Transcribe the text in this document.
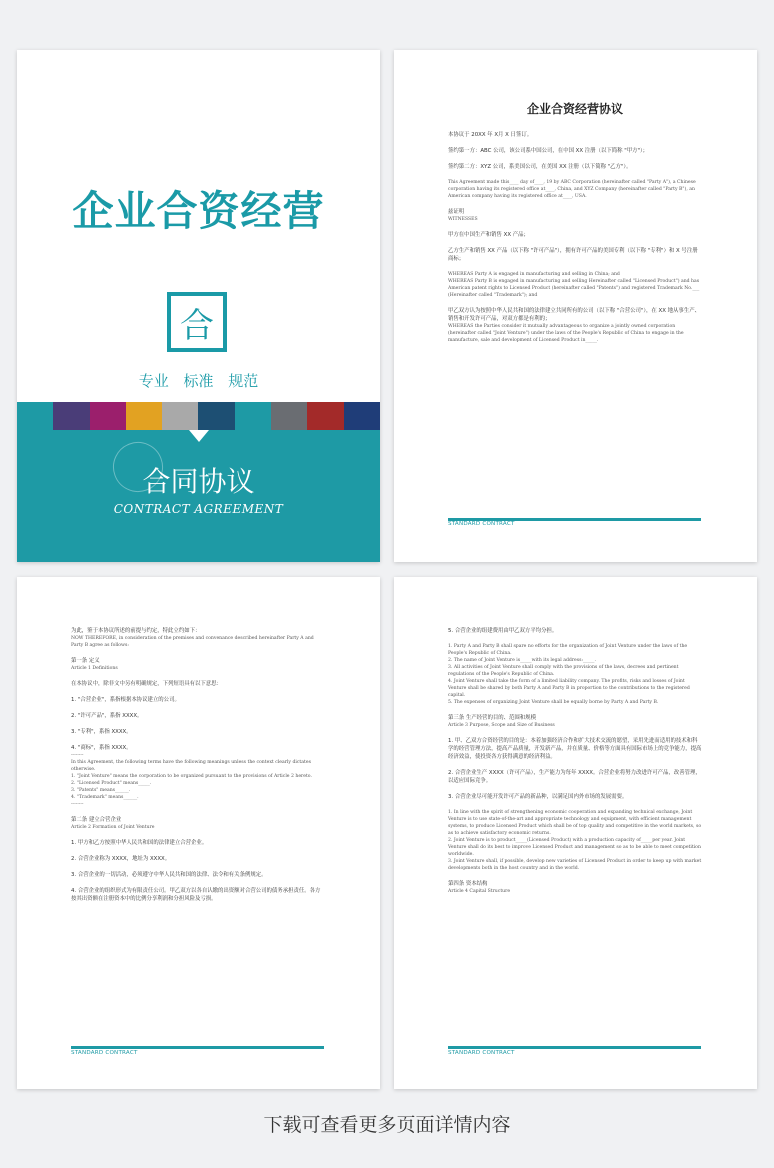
企业合资经营
合
专业 标准 规范
合同协议
CONTRACT AGREEMENT
企业合资经营协议

本协议于 20XX 年 X月 X 日签订。

签约第一方：ABC 公司，该公司系中国公司，在中国 XX 注册（以下简称 "甲方"）；

签约第二方：XYZ 公司，系美国公司，在美国 XX 注册（以下简称 "乙方"）。

This Agreement made this____ day of____, 19 by ABC Corporation (hereinafter called "Party A"), a Chinese corporation having its registered office at____, China, and XYZ Company (hereinafter called "Party B"), an American company having its registered office at____, USA.

兹证明

WITNESSES

甲方在中国生产和销售 XX 产品；

乙方生产和销售 XX 产品（以下称 "许可产品"），拥有许可产品的美国专利（以下称 "专利"）和 X 号注册商标；

WHEREAS Party A is engaged in manufacturing and selling in China; and

WHEREAS Party B is engaged in manufacturing and selling Hereinafter called "Licensed Product") and has American patent rights to Licensed Product (hereinafter called "Patents") and registered Trademark No.___ (Hereinafter called "Trademark"); and

甲乙双方认为按照中华人民共和国的法律建立共同所有的公司（以下称 "合营公司"），在 XX 地从事生产、销售和开发许可产品，对双方都是有利的；

WHEREAS the Parties consider it mutually advantageous to organize a jointly owned corporation (hereinafter called "Joint Venture") under the laws of the People's Republic of China to engage in the manufacture, sale and development of Licensed Product in_____.

STANDARD CONTRACT

为此，鉴于本协议所述的前提与约定，特此立约如下：

NOW THEREFORE, in consideration of the premises and convenance described hereinafter Party A and Party B agree as follows:

第一条 定义

Article 1 Definitions

在本协议中，除非文中另有明确规定，下列短语具有以下意思：

1. "合营企业"，系指根据本协议建立的公司。

2. "许可产品"，系指 XXXX。

3. "专利"，系指 XXXX。

4. "商标"，系指 XXXX。

--------

In this Agreement, the following terms have the following meanings unless the context clearly dictates otherwise.

1. "Joint Venture" means the corporation to be organized pursuant to the provisions of Article 2 hereto.

2. "Licensed Product" means_____.

3. "Patents" means______.

4. "Trademark" means______.

--------

第二条 建立合营企业

Article 2 Formation of Joint Venture

1. 甲方和乙方按照中华人民共和国的法律建立合营企业。

2. 合营企业称为 XXXX，地址为 XXXX。

3. 合营企业的一切活动，必须遵守中华人民共和国的法律、法令和有关条例规定。

4. 合营企业的组织形式为有限责任公司。甲乙双方以各自认缴的出资额对合营公司的债务承担责任。各方按其出资额在注册资本中的比例分享利润和分担风险及亏损。

STANDARD CONTRACT

5. 合营企业的组建费用由甲乙双方平均分担。

1. Party A and Party B shall spare no efforts for the organization of Joint Venture under the laws of the People's Republic of China.

2. The name of Joint Venture is_____with its legal address:_____.

3. All activities of Joint Venture shall comply with the provisions of the laws, decrees and pertinent regulations of the People's Republic of China.

4. Joint Venture shall take the form of a limited liability company. The profits, risks and losses of Joint Venture shall be shared by both Party A and Party B in proportion to the contributions to the registered capital.

5. The expenses of organizing Joint Venture shall be equally borne by Party A and Party B.

第三条 生产经营的目的、范围和规模

Article 3 Purpose, Scope and Size of Business

1. 甲、乙双方合资经营的目的是：本着加强经济合作和扩大技术交流的愿望，采用先进而适用的技术和科学的经营管理方法，提高产品质量，开发新产品，并在质量、价格等方面具有国际市场上的竞争能力，提高经济效益，使投资各方获得满意的经济利益。

2. 合营企业生产 XXXX（许可产品），生产能力为每年 XXXX。合营企业将努力改进许可产品，改善管理，以适应国际竞争。

3. 合营企业尽可能开发许可产品的新品种，以满足国内外市场的发展需要。

1. In line with the spirit of strengthening economic cooperation and expanding technical exchange, Joint Venture is to use state-of-the-art and appropriate technology and equipment, with efficient management systems, to produce Licensed Product which shall be of top quality and competitive in the world markets, so as to achieve satisfactory economic returns.

2. Joint Venture is to product_____(Licensed Product) with a production capacity of_____per year. Joint Venture shall do its best to improve Licensed Product and management so as to be able to meet competition worldwide.

3. Joint Venture shall, if possible, develop new varieties of Licensed Product in order to keep up with market developments both in the host country and in the world.

第四条 资本结构

Article 4 Capital Structure

STANDARD CONTRACT
下载可查看更多页面详情内容
